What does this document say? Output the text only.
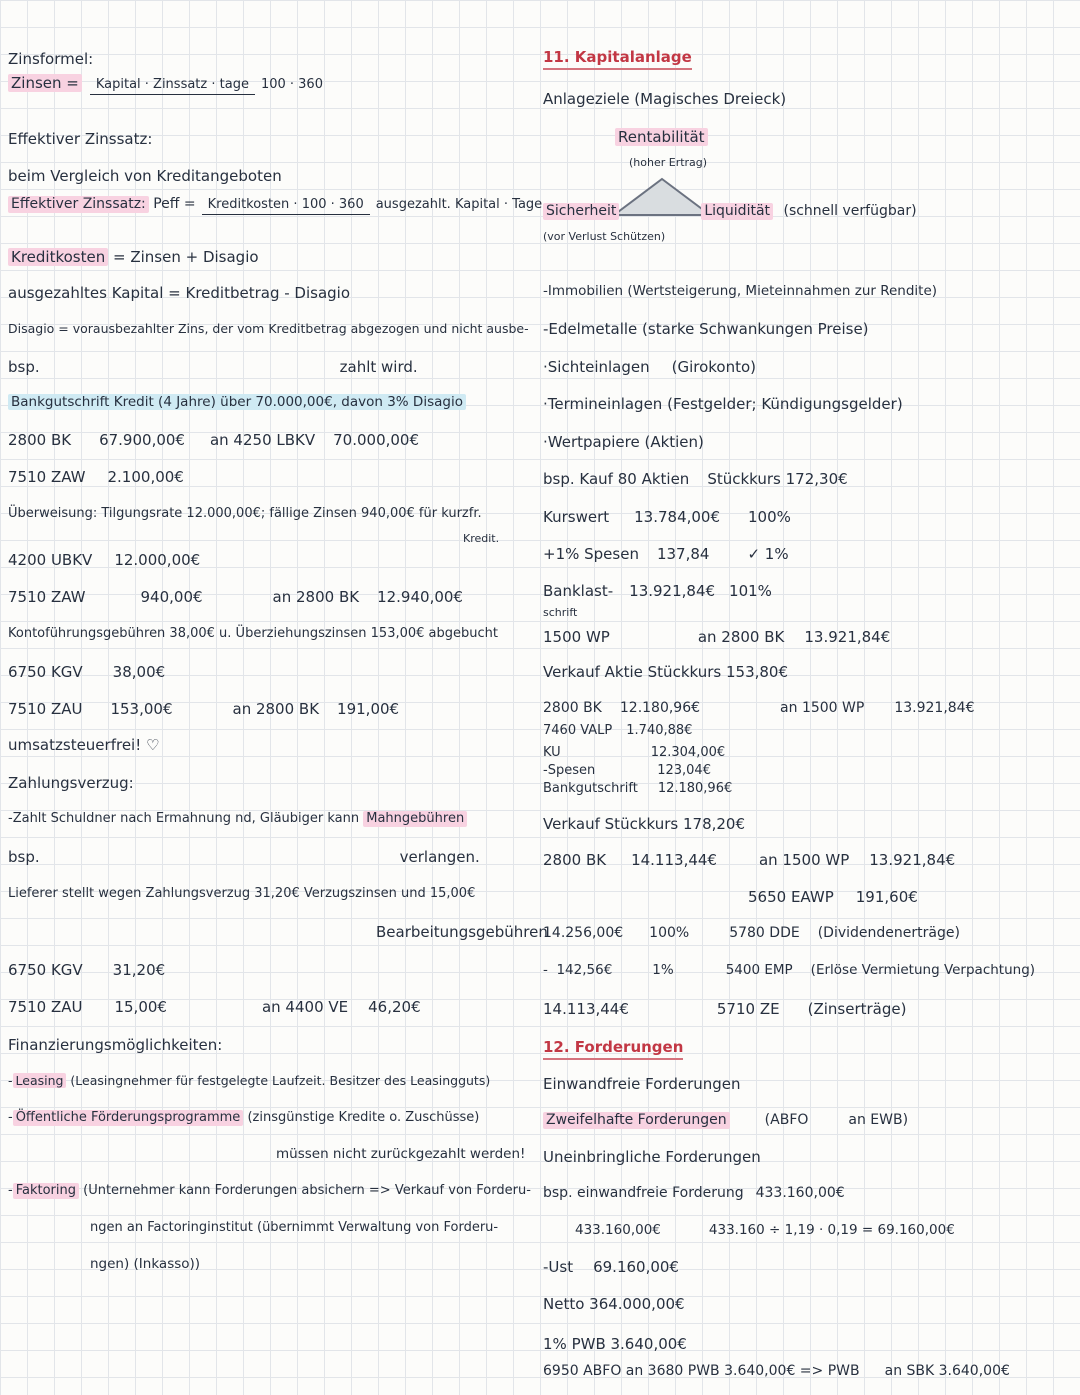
Zinsformel:
Zinsen = Kapital · Zinssatz · tage 100 · 360
Effektiver Zinssatz:
beim Vergleich von Kreditangeboten
Effektiver Zinssatz: Peff = Kreditkosten · 100 · 360 ausgezahlt. Kapital · Tage
Kreditkosten = Zinsen + Disagio
ausgezahltes Kapital = Kreditbetrag - Disagio
Disagio = vorausbezahlter Zins, der vom Kreditbetrag abgezogen und nicht ausbe-
bsp.	zahlt wird.
Bankgutschrift Kredit (4 Jahre) über 70.000,00€, davon 3% Disagio
2800 BK 67.900,00€ an 4250 LBKV 70.000,00€
7510 ZAW 2.100,00€
Überweisung: Tilgungsrate 12.000,00€; fällige Zinsen 940,00€ für kurzfr.
Kredit.
4200 UBKV 12.000,00€
7510 ZAW	940,00€	an 2800 BK 12.940,00€
Kontoführungsgebühren 38,00€ u. Überziehungszinsen 153,00€ abgebucht
6750 KGV 38,00€
7510 ZAU 153,00€	an 2800 BK 191,00€
umsatzsteuerfrei! ♡
Zahlungsverzug:
-Zahlt Schuldner nach Ermahnung nd, Gläubiger kann Mahngebühren
bsp.	verlangen.
Lieferer stellt wegen Zahlungsverzug 31,20€ Verzugszinsen und 15,00€
Bearbeitungsgebühren
6750 KGV 31,20€
7510 ZAU 15,00€	an 4400 VE 46,20€
Finanzierungsmöglichkeiten:
- Leasing (Leasingnehmer für festgelegte Laufzeit. Besitzer des Leasingguts)
- Öffentliche Förderungsprogramme (zinsgünstige Kredite o. Zuschüsse)
müssen nicht zurückgezahlt werden!
- Faktoring (Unternehmer kann Forderungen absichern => Verkauf von Forderu-
ngen an Factoringinstitut (übernimmt Verwaltung von Forderu-
ngen) (Inkasso))
11. Kapitalanlage
Anlageziele (Magisches Dreieck)
Rentabilität
(hoher Ertrag)
Sicherheit	Liquidität (schnell verfügbar)
(vor Verlust Schützen)
-Immobilien (Wertsteigerung, Mieteinnahmen zur Rendite)
-Edelmetalle (starke Schwankungen Preise)
·Sichteinlagen (Girokonto)
·Termineinlagen (Festgelder; Kündigungsgelder)
·Wertpapiere (Aktien)
bsp. Kauf 80 Aktien Stückkurs 172,30€
Kurswert 13.784,00€ 100%
+1% Spesen 137,84	✓ 1%
Banklast- 13.921,84€ 101%
schrift
1500 WP	an 2800 BK 13.921,84€
Verkauf Aktie Stückkurs 153,80€
2800 BK 12.180,96€	an 1500 WP 13.921,84€
7460 VALP 1.740,88€
KU	12.304,00€
-Spesen	123,04€
Bankgutschrift 12.180,96€
Verkauf Stückkurs 178,20€
2800 BK 14.113,44€	an 1500 WP 13.921,84€
5650 EAWP 191,60€
14.256,00€ 100%	5780 DDE (Dividendenerträge)
-  142,56€	1%	5400 EMP (Erlöse Vermietung Verpachtung)
14.113,44€	5710 ZE (Zinserträge)
12. Forderungen
Einwandfreie Forderungen
Zweifelhafte Forderungen	(ABFO	an EWB)
Uneinbringliche Forderungen
bsp. einwandfreie Forderung 433.160,00€
433.160,00€	433.160 ÷ 1,19 · 0,19 = 69.160,00€
-Ust 69.160,00€
Netto 364.000,00€
1% PWB 3.640,00€
6950 ABFO an 3680 PWB 3.640,00€ => PWB an SBK 3.640,00€
